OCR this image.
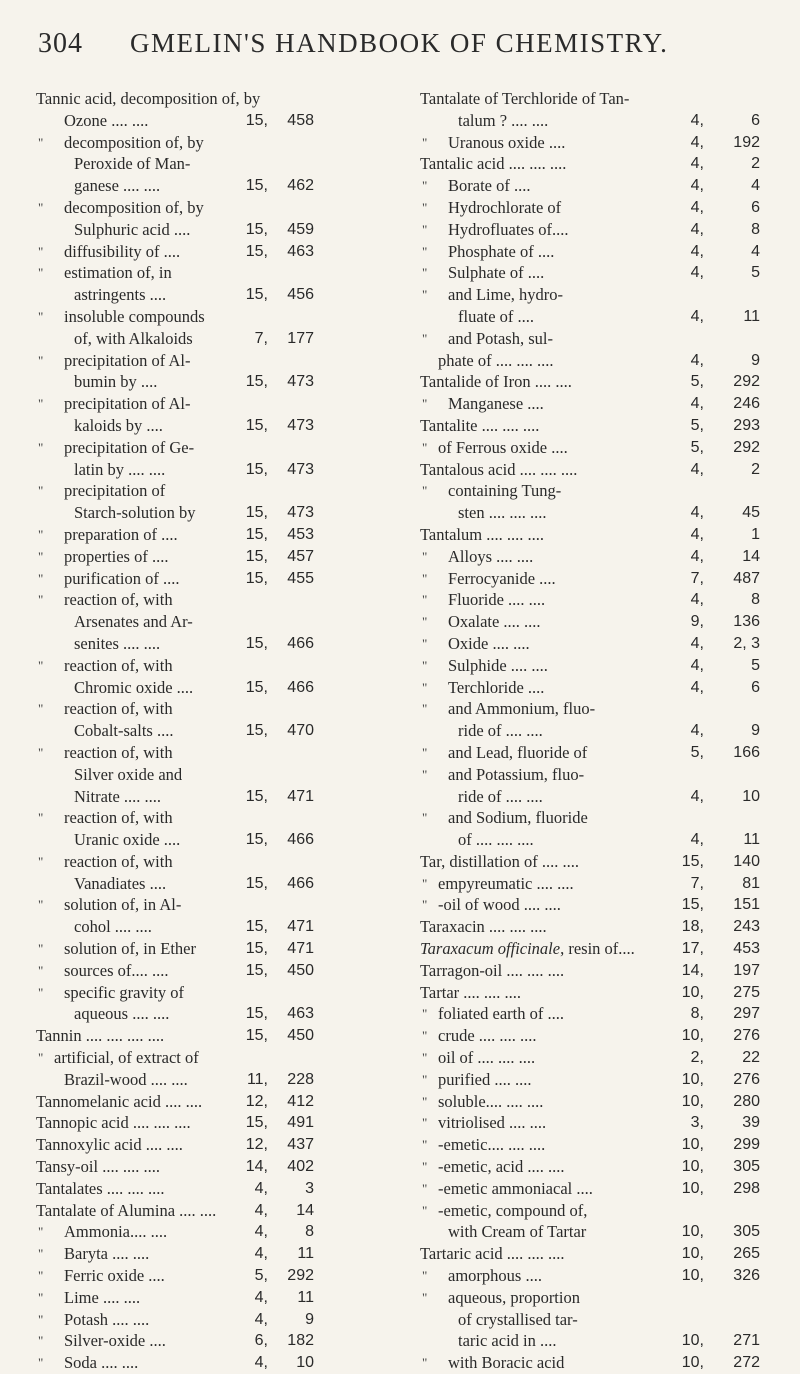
304 GMELIN'S HANDBOOK OF CHEMISTRY.
Tannic acid, decomposition of, by
Ozone .... ....	15,	458
" decomposition of, by
Peroxide of Man-
ganese .... ....	15,	462
" decomposition of, by
Sulphuric acid ....	15,	459
" diffusibility of ....	15,	463
" estimation of, in
astringents ....	15,	456
" insoluble compounds
of, with Alkaloids	7,	177
" precipitation of Al-
bumin by ....	15,	473
" precipitation of Al-
kaloids by ....	15,	473
" precipitation of Ge-
latin by .... ....	15,	473
" precipitation of
Starch-solution by	15,	473
" preparation of ....	15,	453
" properties of ....	15,	457
" purification of ....	15,	455
" reaction of, with
Arsenates and Ar-
senites .... ....	15,	466
" reaction of, with
Chromic oxide ....	15,	466
" reaction of, with
Cobalt-salts ....	15,	470
" reaction of, with
Silver oxide and
Nitrate .... ....	15,	471
" reaction of, with
Uranic oxide ....	15,	466
" reaction of, with
Vanadiates ....	15,	466
" solution of, in Al-
cohol .... ....	15,	471
" solution of, in Ether	15,	471
" sources of.... ....	15,	450
" specific gravity of
aqueous .... ....	15,	463
Tannin .... .... .... ....	15,	450
" artificial, of extract of
Brazil-wood .... ....	11,	228
Tannomelanic acid .... ....	12,	412
Tannopic acid .... .... ....	15,	491
Tannoxylic acid .... ....	12,	437
Tansy-oil .... .... ....	14,	402
Tantalates .... .... ....	4,	3
Tantalate of Alumina .... ....	4,	14
" Ammonia.... ....	4,	8
" Baryta .... ....	4,	11
" Ferric oxide ....	5,	292
" Lime .... ....	4,	11
" Potash .... ....	4,	9
" Silver-oxide ....	6,	182
" Soda .... ....	4,	10
Tantalate of Terchloride of Tan-
talum ? .... ....	4,	6
" Uranous oxide ....	4,	192
Tantalic acid .... .... ....	4,	2
" Borate of ....	4,	4
" Hydrochlorate of	4,	6
" Hydrofluates of....	4,	8
" Phosphate of ....	4,	4
" Sulphate of ....	4,	5
" and Lime, hydro-
fluate of ....	4,	11
" and Potash, sul-
phate of .... .... ....	4,	9
Tantalide of Iron .... ....	5,	292
" Manganese ....	4,	246
Tantalite .... .... ....	5,	293
" of Ferrous oxide ....	5,	292
Tantalous acid .... .... ....	4,	2
" containing Tung-
sten .... .... ....	4,	45
Tantalum .... .... ....	4,	1
" Alloys .... ....	4,	14
" Ferrocyanide ....	7,	487
" Fluoride .... ....	4,	8
" Oxalate .... ....	9,	136
" Oxide .... ....	4,	2, 3
" Sulphide .... ....	4,	5
" Terchloride ....	4,	6
" and Ammonium, fluo-
ride of .... ....	4,	9
" and Lead, fluoride of	5,	166
" and Potassium, fluo-
ride of .... ....	4,	10
" and Sodium, fluoride
of .... .... ....	4,	11
Tar, distillation of .... ....	15,	140
" empyreumatic .... ....	7,	81
" -oil of wood .... ....	15,	151
Taraxacin .... .... ....	18,	243
Taraxacum officinale, resin of....	17,	453
Tarragon-oil .... .... ....	14,	197
Tartar .... .... ....	10,	275
" foliated earth of ....	8,	297
" crude .... .... ....	10,	276
" oil of .... .... ....	2,	22
" purified .... ....	10,	276
" soluble.... .... ....	10,	280
" vitriolised .... ....	3,	39
" -emetic.... .... ....	10,	299
" -emetic, acid .... ....	10,	305
" -emetic ammoniacal ....	10,	298
" -emetic, compound of,
with Cream of Tartar	10,	305
Tartaric acid .... .... ....	10,	265
" amorphous ....	10,	326
" aqueous, proportion
of crystallised tar-
taric acid in ....	10,	271
" with Boracic acid	10,	272
